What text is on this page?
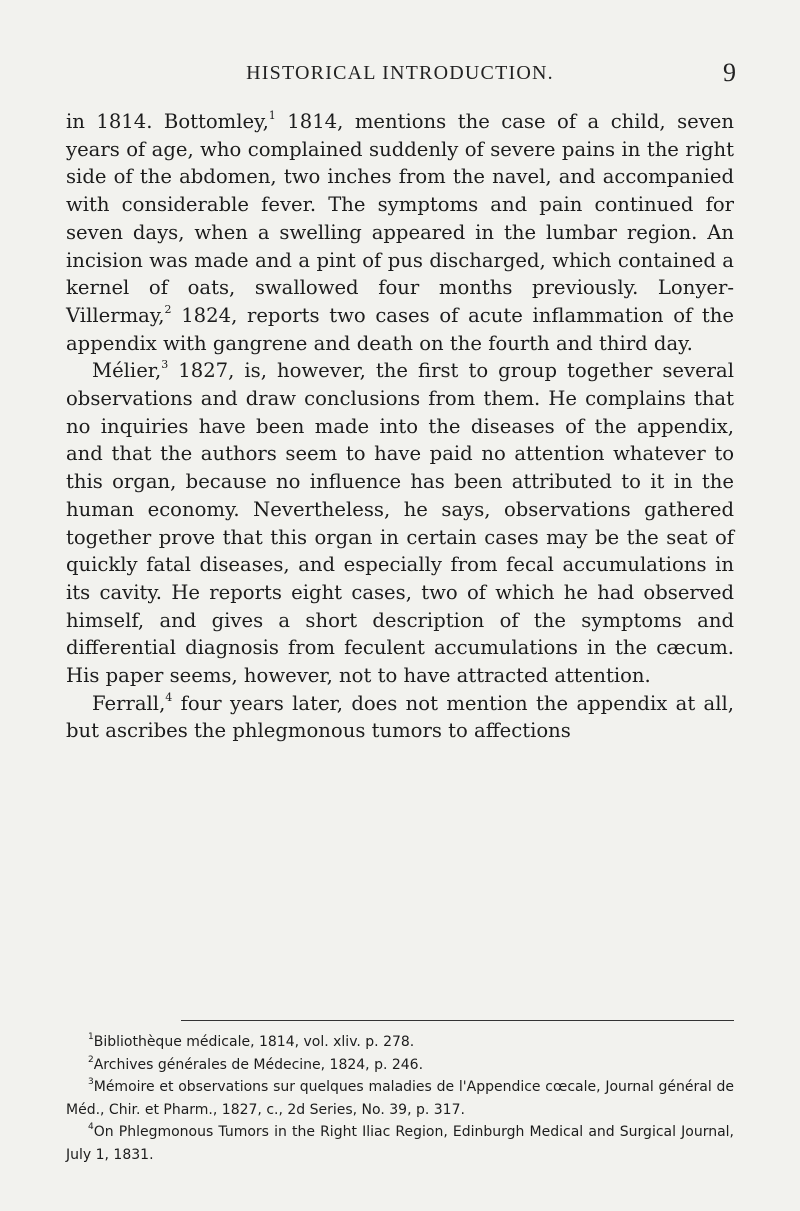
HISTORICAL INTRODUCTION.	9

in 1814. Bottomley,$^1$ 1814, mentions the case of a child, seven years of age, who complained suddenly of severe pains in the right side of the abdomen, two inches from the navel, and accompanied with considerable fever. The symptoms and pain continued for seven days, when a swelling appeared in the lumbar region. An incision was made and a pint of pus discharged, which contained a kernel of oats, swallowed four months previously. Lonyer-Villermay,$^2$ 1824, reports two cases of acute inflammation of the appendix with gangrene and death on the fourth and third day.

Mélier,$^3$ 1827, is, however, the first to group together several observations and draw conclusions from them. He complains that no inquiries have been made into the diseases of the appendix, and that the authors seem to have paid no attention whatever to this organ, because no influence has been attributed to it in the human economy. Nevertheless, he says, observations gathered together prove that this organ in certain cases may be the seat of quickly fatal diseases, and especially from fecal accumulations in its cavity. He reports eight cases, two of which he had observed himself, and gives a short description of the symptoms and differential diagnosis from feculent accumulations in the cæcum. His paper seems, however, not to have attracted attention.

Ferrall,$^4$ four years later, does not mention the appendix at all, but ascribes the phlegmonous tumors to affections

$^1$Bibliothèque médicale, 1814, vol. xliv. p. 278.

$^2$Archives générales de Médecine, 1824, p. 246.

$^3$Mémoire et observations sur quelques maladies de l'Appendice cœcale, Journal général de Méd., Chir. et Pharm., 1827, c., 2d Series, No. 39, p. 317.

$^4$On Phlegmonous Tumors in the Right Iliac Region, Edinburgh Medical and Surgical Journal, July 1, 1831.
